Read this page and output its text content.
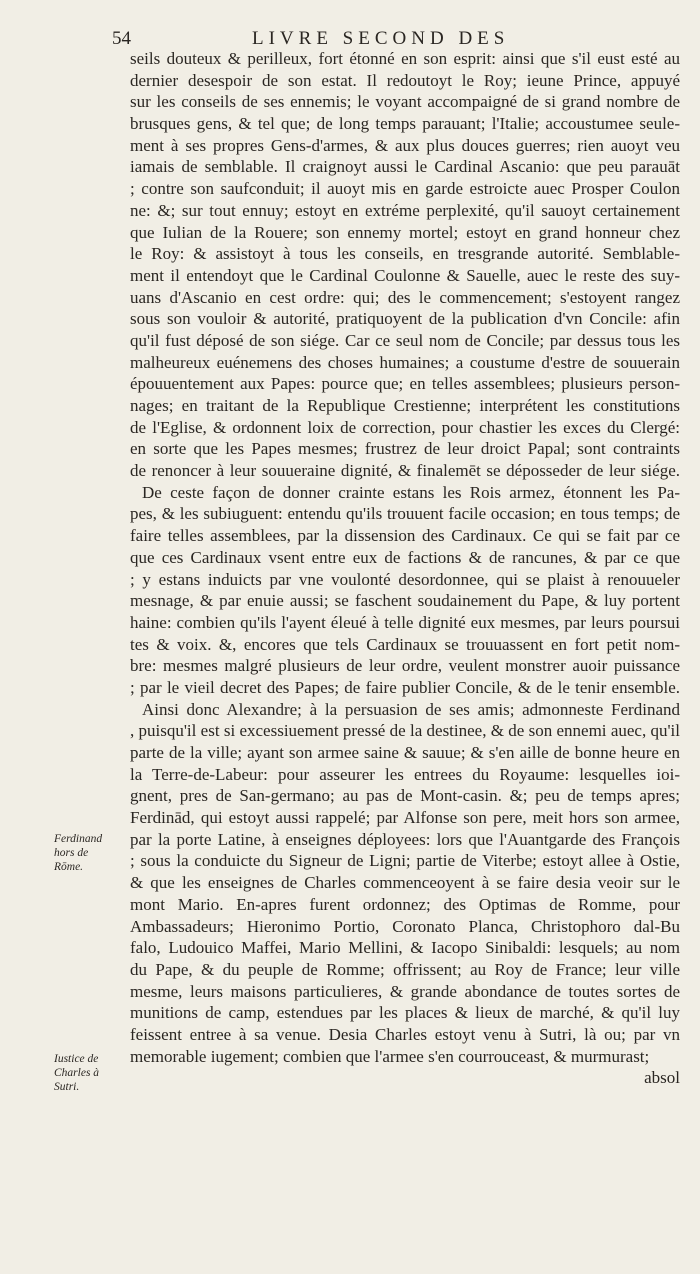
54	LIVRE SECOND DES
seils douteux & perilleux, fort étonné en son esprit: ainsi que s'il eust esté au
dernier desespoir de son estat. Il redoutoyt le Roy; ieune Prince, appuyé
sur les conseils de ses ennemis; le voyant accompaigné de si grand nombre de
brusques gens, & tel que; de long temps parauant; l'Italie; accoustumee seule-
ment à ses propres Gens-d'armes, & aux plus douces guerres; rien auoyt veu
iamais de semblable. Il craignoyt aussi le Cardinal Ascanio: que peu parauāt
; contre son saufconduit; il auoyt mis en garde estroicte auec Prosper Coulon
ne: &; sur tout ennuy; estoyt en extréme perplexité, qu'il sauoyt certainement
que Iulian de la Rouere; son ennemy mortel; estoyt en grand honneur chez
le Roy: & assistoyt à tous les conseils, en tresgrande autorité. Semblable-
ment il entendoyt que le Cardinal Coulonne & Sauelle, auec le reste des suy-
uans d'Ascanio en cest ordre: qui; des le commencement; s'estoyent rangez
sous son vouloir & autorité, pratiquoyent de la publication d'vn Concile: afin
qu'il fust déposé de son siége. Car ce seul nom de Concile; par dessus tous les
malheureux euénemens des choses humaines; a coustume d'estre de souuerain
épouuentement aux Papes: pource que; en telles assemblees; plusieurs person-
nages; en traitant de la Republique Crestienne; interprétent les constitutions
de l'Eglise, & ordonnent loix de correction, pour chastier les exces du Clergé:
en sorte que les Papes mesmes; frustrez de leur droict Papal; sont contraints
de renoncer à leur souueraine dignité, & finalemēt se déposseder de leur siége.
De ceste façon de donner crainte estans les Rois armez, étonnent les Pa-
pes, & les subiuguent: entendu qu'ils trouuent facile occasion; en tous temps; de
faire telles assemblees, par la dissension des Cardinaux. Ce qui se fait par ce
que ces Cardinaux vsent entre eux de factions & de rancunes, & par ce que
; y estans induicts par vne voulonté desordonnee, qui se plaist à renouueler
mesnage, & par enuie aussi; se faschent soudainement du Pape, & luy portent
haine: combien qu'ils l'ayent éleué à telle dignité eux mesmes, par leurs poursui
tes & voix. &, encores que tels Cardinaux se trouuassent en fort petit nom-
bre: mesmes malgré plusieurs de leur ordre, veulent monstrer auoir puissance
; par le vieil decret des Papes; de faire publier Concile, & de le tenir ensemble.
Ainsi donc Alexandre; à la persuasion de ses amis; admonneste Ferdinand
, puisqu'il est si excessiuement pressé de la destinee, & de son ennemi auec, qu'il
parte de la ville; ayant son armee saine & sauue; & s'en aille de bonne heure en
la Terre-de-Labeur: pour asseurer les entrees du Royaume: lesquelles ioi-
gnent, pres de San-germano; au pas de Mont-casin. &; peu de temps apres;
Ferdinād, qui estoyt aussi rappelé; par Alfonse son pere, meit hors son armee,
par la porte Latine, à enseignes déployees: lors que l'Auantgarde des François
; sous la conduicte du Signeur de Ligni; partie de Viterbe; estoyt allee à Ostie,
& que les enseignes de Charles commenceoyent à se faire desia veoir sur le
mont Mario. En-apres furent ordonnez; des Optimas de Romme, pour
Ambassadeurs; Hieronimo Portio, Coronato Planca, Christophoro dal-Bu
falo, Ludouico Maffei, Mario Mellini, & Iacopo Sinibaldi: lesquels; au nom
du Pape, & du peuple de Romme; offrissent; au Roy de France; leur ville
mesme, leurs maisons particulieres, & grande abondance de toutes sortes de
munitions de camp, estendues par les places & lieux de marché, & qu'il luy
feissent entree à sa venue. Desia Charles estoyt venu à Sutri, là ou; par vn
memorable iugement; combien que l'armee s'en courrouceast, & murmurast;
absol
Ferdinand hors de Rōme.
Iustice de Charles à Sutri.
